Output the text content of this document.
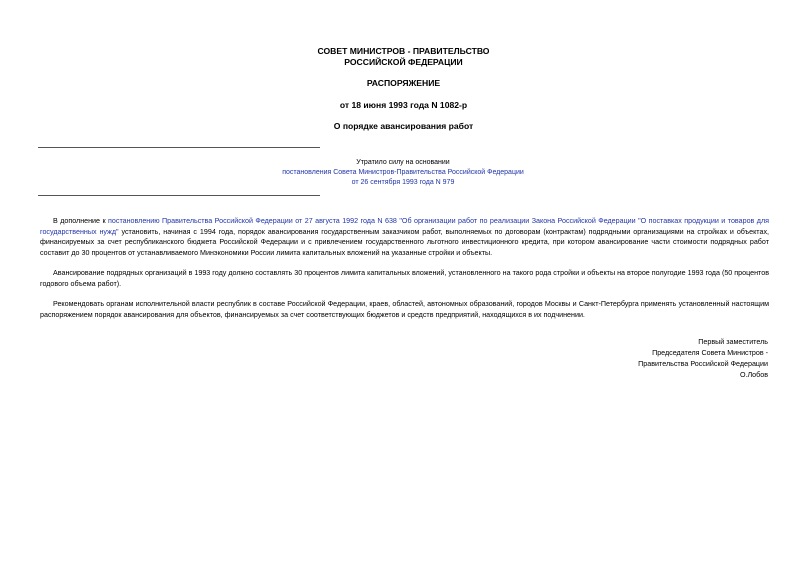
СОВЕТ МИНИСТРОВ - ПРАВИТЕЛЬСТВО
РОССИЙСКОЙ ФЕДЕРАЦИИ
РАСПОРЯЖЕНИЕ
от 18 июня 1993 года N 1082-р
О порядке авансирования работ
Утратило силу на основании
постановления Совета Министров-Правительства Российской Федерации
от 26 сентября 1993 года N 979
В дополнение к постановлению Правительства Российской Федерации от 27 августа 1992 года N 638 "Об организации работ по реализации Закона Российской Федерации "О поставках продукции и товаров для государственных нужд" установить, начиная с 1994 года, порядок авансирования государственным заказчиком работ, выполняемых по договорам (контрактам) подрядными организациями на стройках и объектах, финансируемых за счет республиканского бюджета Российской Федерации и с привлечением государственного льготного инвестиционного кредита, при котором авансирование части стоимости подрядных работ составит до 30 процентов от устанавливаемого Минэкономики России лимита капитальных вложений на указанные стройки и объекты.
Авансирование подрядных организаций в 1993 году должно составлять 30 процентов лимита капитальных вложений, установленного на такого рода стройки и объекты на второе полугодие 1993 года (50 процентов годового объема работ).
Рекомендовать органам исполнительной власти республик в составе Российской Федерации, краев, областей, автономных образований, городов Москвы и Санкт-Петербурга применять установленный настоящим распоряжением порядок авансирования для объектов, финансируемых за счет соответствующих бюджетов и средств предприятий, находящихся в их подчинении.
Первый заместитель
Председателя Совета Министров -
Правительства Российской Федерации
О.Лобов
